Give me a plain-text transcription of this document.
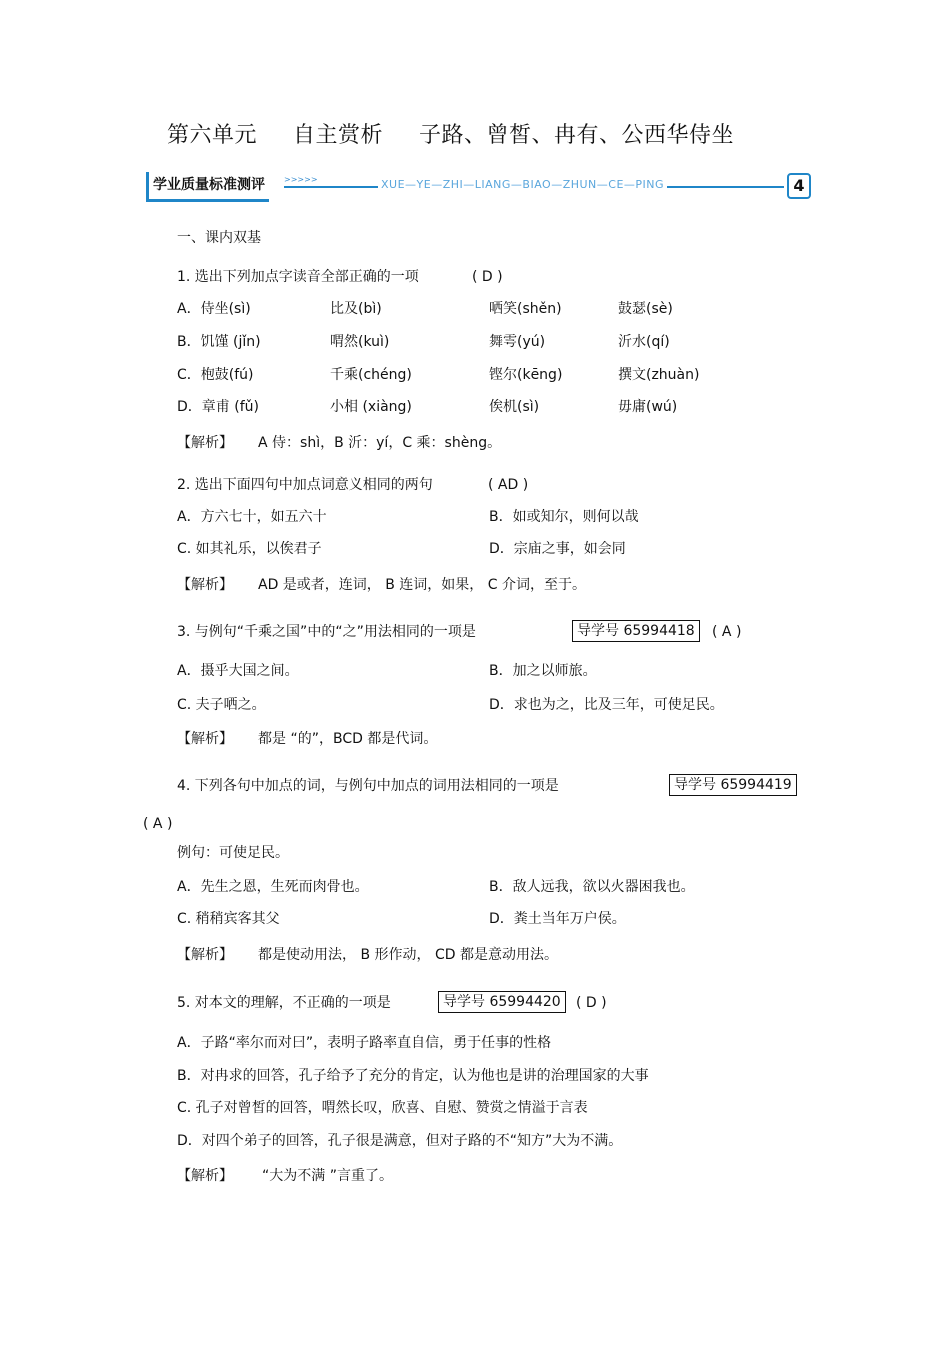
第六单元 自主赏析 子路、曾皙、冉有、公西华侍坐
学业质量标准测评	>>>>>	XUE—YE—ZHI—LIANG—BIAO—ZHUN—CE—PING	4
一、课内双基
1. 选出下列加点字读音全部正确的一项	( D )
A．侍坐(sì)	比及(bì)	哂笑(shěn)	鼓瑟(sè)
B．饥馑 (jǐn)	喟然(kuì)	舞雩(yú)	沂水(qí)
C．枹鼓(fú)	千乘(chéng)	铿尔(kēng)	撰文(zhuàn)
D．章甫 (fǔ)	小相 (xiàng)	俟机(sì)	毋庸(wú)
【解析】 A 侍：shì，B 沂：yí，C 乘：shèng。
2. 选出下面四句中加点词意义相同的两句	( AD )
A．方六七十，如五六十	B．如或知尔，则何以哉
C. 如其礼乐，以俟君子	D．宗庙之事，如会同
【解析】 AD 是或者，连词， B 连词，如果， C 介词，至于。
3. 与例句“千乘之国”中的“之”用法相同的一项是	导学号 65994418	( A )
A．摄乎大国之间。	B．加之以师旅。
C. 夫子哂之。	D．求也为之，比及三年，可使足民。
【解析】 都是 “的”，BCD 都是代词。
4. 下列各句中加点的词，与例句中加点的词用法相同的一项是	导学号 65994419
( A )
例句：可使足民。
A．先生之恩，生死而肉骨也。	B．敌人远我，欲以火器困我也。
C. 稍稍宾客其父	D．粪土当年万户侯。
【解析】 都是使动用法， B 形作动， CD 都是意动用法。
5. 对本文的理解，不正确的一项是	导学号 65994420	( D )
A．子路“率尔而对曰”，表明子路率直自信，勇于任事的性格
B．对冉求的回答，孔子给予了充分的肯定，认为他也是讲的治理国家的大事
C. 孔子对曾皙的回答，喟然长叹，欣喜、自慰、赞赏之情溢于言表
D．对四个弟子的回答，孔子很是满意，但对子路的不“知方”大为不满。
【解析】 “大为不满 ”言重了。
